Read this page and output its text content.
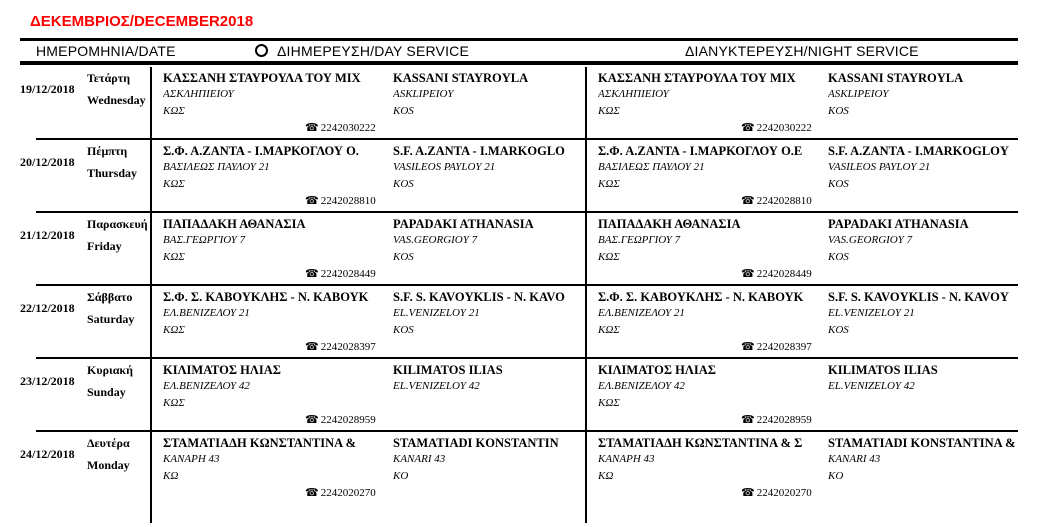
ΔΕΚΕΜΒΡΙΟΣ/DECEMBER2018
ΗΜΕΡΟΜΗΝΙΑ/DATE	ΔΙΗΜΕΡΕΥΣΗ/DAY SERVICE	ΔΙΑΝΥΚΤΕΡΕΥΣΗ/NIGHT SERVICE
19/12/2018
Τετάρτη
Wednesday
ΚΑΣΣΑΝΗ ΣΤΑΥΡΟΥΛΑ ΤΟΥ ΜΙΧ
ΑΣΚΛΗΠΙΕΙΟΥ
ΚΩΣ
KASSANI STAYROYLA
ASKLIPEIOY
KOS
☎ 2242030222
ΚΑΣΣΑΝΗ ΣΤΑΥΡΟΥΛΑ ΤΟΥ ΜΙΧ
ΑΣΚΛΗΠΙΕΙΟΥ
ΚΩΣ
KASSANI STAYROYLA
ASKLIPEIOY
KOS
☎ 2242030222
20/12/2018
Πέμπτη
Thursday
Σ.Φ. Α.ΖΑΝΤΑ - Ι.ΜΑΡΚΟΓΛΟΥ Ο.
ΒΑΣΙΛΕΩΣ ΠΑΥΛΟΥ 21
ΚΩΣ
S.F. A.ZANTA - I.MARKOGLO
VASILEOS PAYLOY 21
KOS
☎ 2242028810
Σ.Φ. Α.ΖΑΝΤΑ - Ι.ΜΑΡΚΟΓΛΟΥ Ο.Ε
ΒΑΣΙΛΕΩΣ ΠΑΥΛΟΥ 21
ΚΩΣ
S.F. A.ZANTA - I.MARKOGLOY
VASILEOS PAYLOY 21
KOS
☎ 2242028810
21/12/2018
Παρασκευή
Friday
ΠΑΠΑΔΑΚΗ ΑΘΑΝΑΣΙΑ
ΒΑΣ.ΓΕΩΡΓΙΟΥ 7
ΚΩΣ
PAPADAKI ATHANASIA
VAS.GEORGIOY 7
KOS
☎ 2242028449
ΠΑΠΑΔΑΚΗ ΑΘΑΝΑΣΙΑ
ΒΑΣ.ΓΕΩΡΓΙΟΥ 7
ΚΩΣ
PAPADAKI ATHANASIA
VAS.GEORGIOY 7
KOS
☎ 2242028449
22/12/2018
Σάββατο
Saturday
Σ.Φ. Σ. ΚΑΒΟΥΚΛΗΣ - Ν. ΚΑΒΟΥΚ
ΕΛ.ΒΕΝΙΖΕΛΟΥ 21
ΚΩΣ
S.F. S. KAVOYKLIS - N. KAVO
EL.VENIZELOY 21
KOS
☎ 2242028397
Σ.Φ. Σ. ΚΑΒΟΥΚΛΗΣ - Ν. ΚΑΒΟΥΚ
ΕΛ.ΒΕΝΙΖΕΛΟΥ 21
ΚΩΣ
S.F. S. KAVOYKLIS - N. KAVOY
EL.VENIZELOY 21
KOS
☎ 2242028397
23/12/2018
Κυριακή
Sunday
ΚΙΛΙΜΑΤΟΣ ΗΛΙΑΣ
ΕΛ.ΒΕΝΙΖΕΛΟΥ 42
ΚΩΣ
KILIMATOS ILIAS
EL.VENIZELOY 42
☎ 2242028959
ΚΙΛΙΜΑΤΟΣ ΗΛΙΑΣ
ΕΛ.ΒΕΝΙΖΕΛΟΥ 42
ΚΩΣ
KILIMATOS ILIAS
EL.VENIZELOY 42
☎ 2242028959
24/12/2018
Δευτέρα
Monday
ΣΤΑΜΑΤΙΑΔΗ ΚΩΝΣΤΑΝΤΙΝΑ &
ΚΑΝΑΡΗ 43
ΚΩ
STAMATIADI KONSTANTIN
KANARI 43
KO
☎ 2242020270
ΣΤΑΜΑΤΙΑΔΗ ΚΩΝΣΤΑΝΤΙΝΑ & Σ
ΚΑΝΑΡΗ 43
ΚΩ
STAMATIADI KONSTANTINA &
KANARI 43
KO
☎ 2242020270
